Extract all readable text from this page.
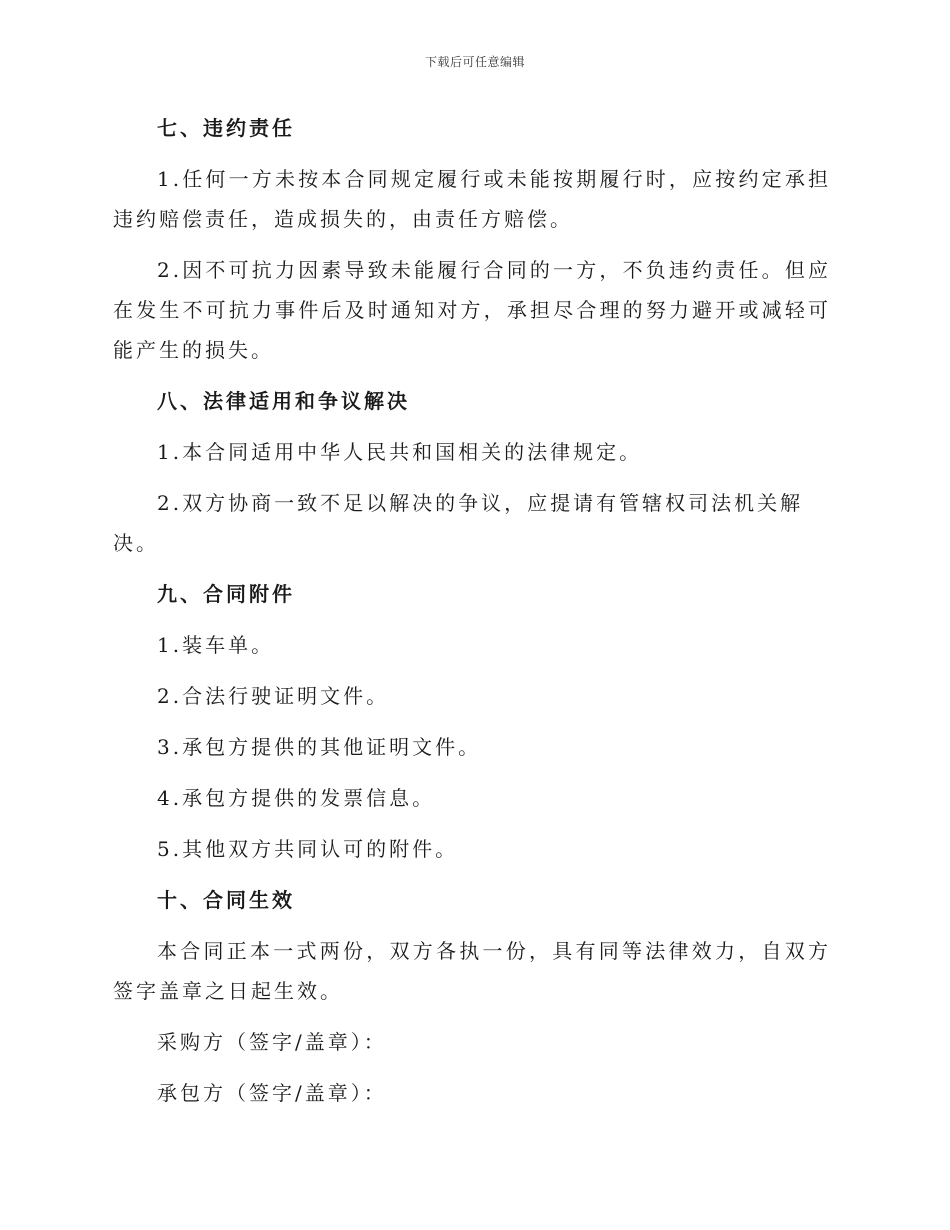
下载后可任意编辑
七、违约责任
1.任何一方未按本合同规定履行或未能按期履行时，应按约定承担违约赔偿责任，造成损失的，由责任方赔偿。
2.因不可抗力因素导致未能履行合同的一方，不负违约责任。但应在发生不可抗力事件后及时通知对方，承担尽合理的努力避开或减轻可能产生的损失。
八、法律适用和争议解决
1.本合同适用中华人民共和国相关的法律规定。
2.双方协商一致不足以解决的争议，应提请有管辖权司法机关解决。
九、合同附件
1.装车单。
2.合法行驶证明文件。
3.承包方提供的其他证明文件。
4.承包方提供的发票信息。
5.其他双方共同认可的附件。
十、合同生效
本合同正本一式两份，双方各执一份，具有同等法律效力，自双方签字盖章之日起生效。
采购方（签字/盖章）：
承包方（签字/盖章）：
